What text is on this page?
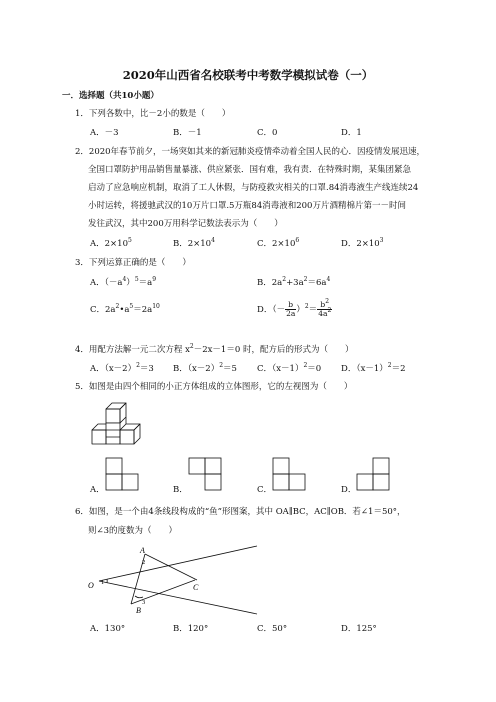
2020年山西省名校联考中考数学模拟试卷（一）
一．选择题（共10小题）
1．下列各数中，比－2小的数是（　　）
A．－3	B．－1	C．0	D．1
2．2020年春节前夕，一场突如其来的新冠肺炎疫情牵动着全国人民的心．因疫情发展迅速，
全国口罩防护用品销售量暴涨、供应紧张．国有难，我有责．在特殊时期，某集团紧急
启动了应急响应机制，取消了工人休假，与防疫救灾相关的口罩.84消毒液生产线连续24
小时运转，将援驰武汉的10万片口罩.5万瓶84消毒液和200万片酒精棉片第一－时间
发往武汉，其中200万用科学记数法表示为（　　）
A．$2\times 10^5$	B．$2\times 10^4$	C．$2\times 10^6$	D．$2\times 10^3$
3．下列运算正确的是（　　）
A．$(-a^4)^5=a^9$	B．$2a^2+3a^2=6a^4$
C．$2a^2•a^5=2a^{10}$	D．（－ $\frac{b}{2a} )^2= \frac{b^2}{4a^2}$
4．用配方法解一元二次方程 $x^2-2x-1=0$ 时，配方后的形式为（　　）
A．$(x-2)^2=3$ B．$(x-2)^2=5$ C．$(x-1)^2=0$ D．$(x-1)^2=2$
5．如图是由四个相同的小正方体组成的立体图形，它的左视图为（　　）
A．	B．	C．	D．
6．如图，是一个由4条线段构成的“鱼”形图案，其中 OA∥BC，AC∥OB．若∠1＝50°，
则∠3的度数为（　　）
A
C
B
O 1
2
3
A．130°	B．120°	C．50°	D．125°
